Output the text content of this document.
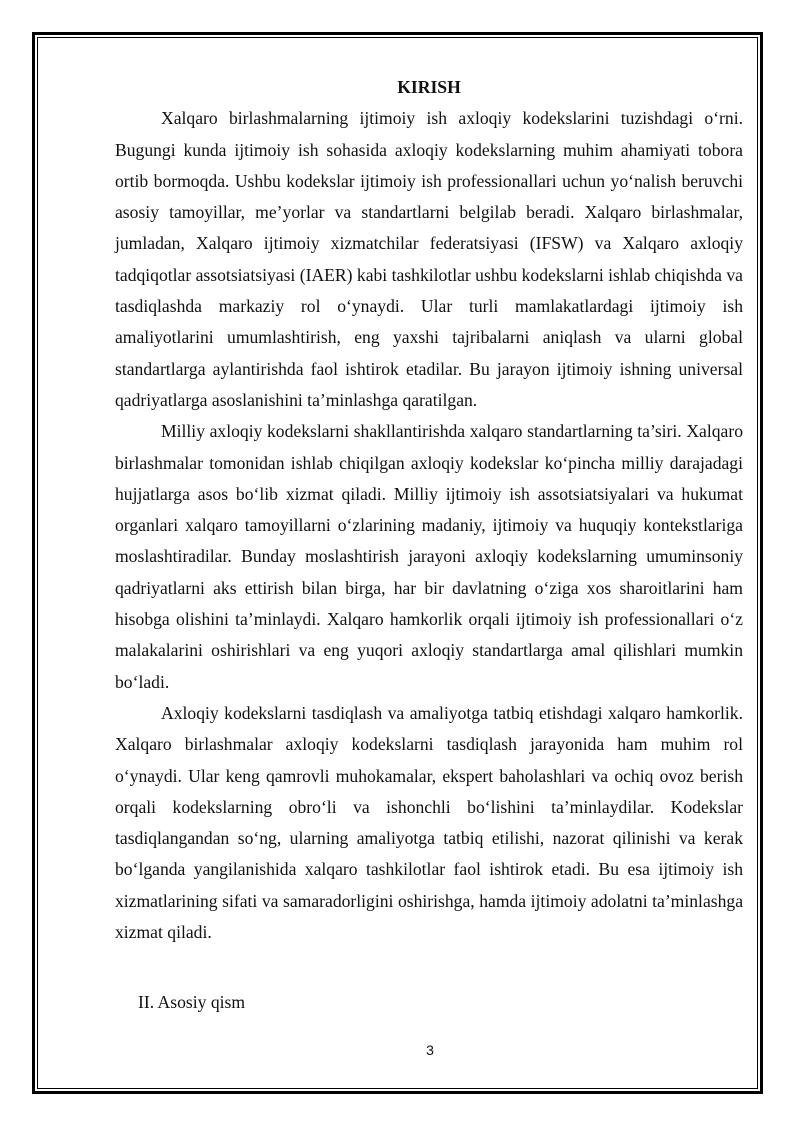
KIRISH

Xalqaro birlashmalarning ijtimoiy ish axloqiy kodekslarini tuzishdagi o‘rni. Bugungi kunda ijtimoiy ish sohasida axloqiy kodekslarning muhim ahamiyati tobora ortib bormoqda. Ushbu kodekslar ijtimoiy ish professionallari uchun yo‘nalish beruvchi asosiy tamoyillar, me’yorlar va standartlarni belgilab beradi. Xalqaro birlashmalar, jumladan, Xalqaro ijtimoiy xizmatchilar federatsiyasi (IFSW) va Xalqaro axloqiy tadqiqotlar assotsiatsiyasi (IAER) kabi tashkilotlar ushbu kodekslarni ishlab chiqishda va tasdiqlashda markaziy rol o‘ynaydi. Ular turli mamlakatlardagi ijtimoiy ish amaliyotlarini umumlashtirish, eng yaxshi tajribalarni aniqlash va ularni global standartlarga aylantirishda faol ishtirok etadilar. Bu jarayon ijtimoiy ishning universal qadriyatlarga asoslanishini ta’minlashga qaratilgan.

Milliy axloqiy kodekslarni shakllantirishda xalqaro standartlarning ta’siri. Xalqaro birlashmalar tomonidan ishlab chiqilgan axloqiy kodekslar ko‘pincha milliy darajadagi hujjatlarga asos bo‘lib xizmat qiladi. Milliy ijtimoiy ish assotsiatsiyalari va hukumat organlari xalqaro tamoyillarni o‘zlarining madaniy, ijtimoiy va huquqiy kontekstlariga moslashtiradilar. Bunday moslashtirish jarayoni axloqiy kodekslarning umuminsoniy qadriyatlarni aks ettirish bilan birga, har bir davlatning o‘ziga xos sharoitlarini ham hisobga olishini ta’minlaydi. Xalqaro hamkorlik orqali ijtimoiy ish professionallari o‘z malakalarini oshirishlari va eng yuqori axloqiy standartlarga amal qilishlari mumkin bo‘ladi.

Axloqiy kodekslarni tasdiqlash va amaliyotga tatbiq etishdagi xalqaro hamkorlik. Xalqaro birlashmalar axloqiy kodekslarni tasdiqlash jarayonida ham muhim rol o‘ynaydi. Ular keng qamrovli muhokamalar, ekspert baholashlari va ochiq ovoz berish orqali kodekslarning obro‘li va ishonchli bo‘lishini ta’minlaydilar. Kodekslar tasdiqlangandan so‘ng, ularning amaliyotga tatbiq etilishi, nazorat qilinishi va kerak bo‘lganda yangilanishida xalqaro tashkilotlar faol ishtirok etadi. Bu esa ijtimoiy ish xizmatlarining sifati va samaradorligini oshirishga, hamda ijtimoiy adolatni ta’minlashga xizmat qiladi.

II. Asosiy qism

3
